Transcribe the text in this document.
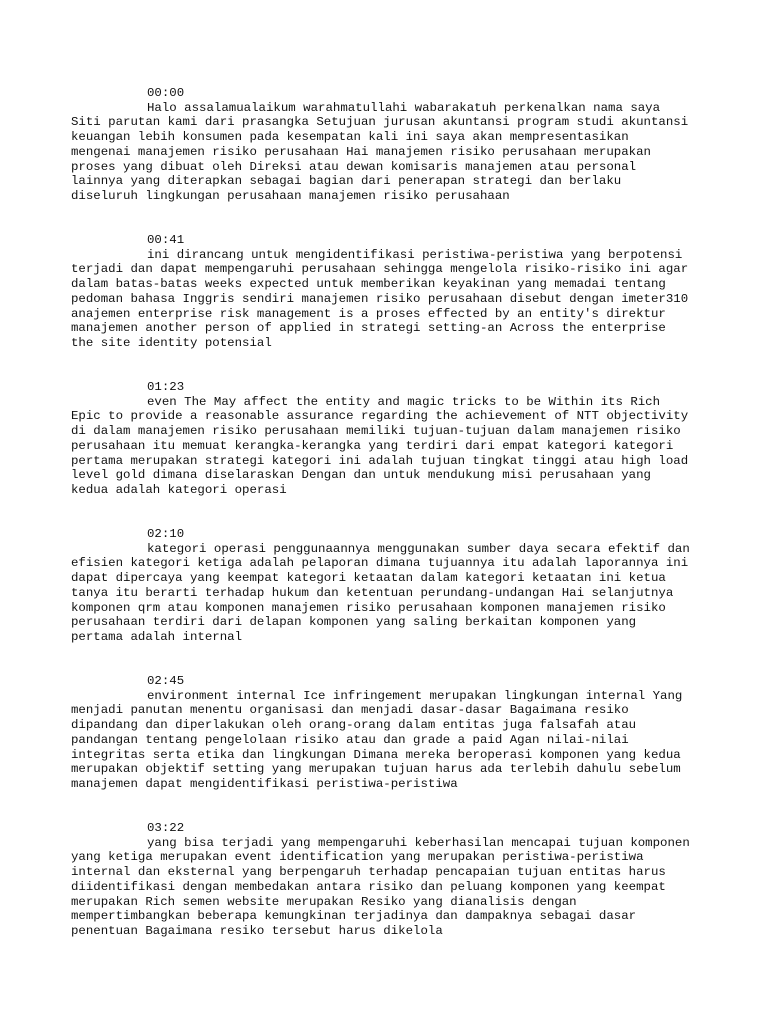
00:00
Halo assalamualaikum warahmatullahi wabarakatuh perkenalkan nama saya
Siti parutan kami dari prasangka Setujuan jurusan akuntansi program studi akuntansi
keuangan lebih konsumen pada kesempatan kali ini saya akan mempresentasikan
mengenai manajemen risiko perusahaan Hai manajemen risiko perusahaan merupakan
proses yang dibuat oleh Direksi atau dewan komisaris manajemen atau personal
lainnya yang diterapkan sebagai bagian dari penerapan strategi dan berlaku
diseluruh lingkungan perusahaan manajemen risiko perusahaan
00:41
ini dirancang untuk mengidentifikasi peristiwa-peristiwa yang berpotensi
terjadi dan dapat mempengaruhi perusahaan sehingga mengelola risiko-risiko ini agar
dalam batas-batas weeks expected untuk memberikan keyakinan yang memadai tentang
pedoman bahasa Inggris sendiri manajemen risiko perusahaan disebut dengan imeter310
anajemen enterprise risk management is a proses effected by an entity's direktur
manajemen another person of applied in strategi setting-an Across the enterprise
the site identity potensial
01:23
even The May affect the entity and magic tricks to be Within its Rich
Epic to provide a reasonable assurance regarding the achievement of NTT objectivity
di dalam manajemen risiko perusahaan memiliki tujuan-tujuan dalam manajemen risiko
perusahaan itu memuat kerangka-kerangka yang terdiri dari empat kategori kategori
pertama merupakan strategi kategori ini adalah tujuan tingkat tinggi atau high load
level gold dimana diselaraskan Dengan dan untuk mendukung misi perusahaan yang
kedua adalah kategori operasi
02:10
kategori operasi penggunaannya menggunakan sumber daya secara efektif dan
efisien kategori ketiga adalah pelaporan dimana tujuannya itu adalah laporannya ini
dapat dipercaya yang keempat kategori ketaatan dalam kategori ketaatan ini ketua
tanya itu berarti terhadap hukum dan ketentuan perundang-undangan Hai selanjutnya
komponen qrm atau komponen manajemen risiko perusahaan komponen manajemen risiko
perusahaan terdiri dari delapan komponen yang saling berkaitan komponen yang
pertama adalah internal
02:45
environment internal Ice infringement merupakan lingkungan internal Yang
menjadi panutan menentu organisasi dan menjadi dasar-dasar Bagaimana resiko
dipandang dan diperlakukan oleh orang-orang dalam entitas juga falsafah atau
pandangan tentang pengelolaan risiko atau dan grade a paid Agan nilai-nilai
integritas serta etika dan lingkungan Dimana mereka beroperasi komponen yang kedua
merupakan objektif setting yang merupakan tujuan harus ada terlebih dahulu sebelum
manajemen dapat mengidentifikasi peristiwa-peristiwa
03:22
yang bisa terjadi yang mempengaruhi keberhasilan mencapai tujuan komponen
yang ketiga merupakan event identification yang merupakan peristiwa-peristiwa
internal dan eksternal yang berpengaruh terhadap pencapaian tujuan entitas harus
diidentifikasi dengan membedakan antara risiko dan peluang komponen yang keempat
merupakan Rich semen website merupakan Resiko yang dianalisis dengan
mempertimbangkan beberapa kemungkinan terjadinya dan dampaknya sebagai dasar
penentuan Bagaimana resiko tersebut harus dikelola
